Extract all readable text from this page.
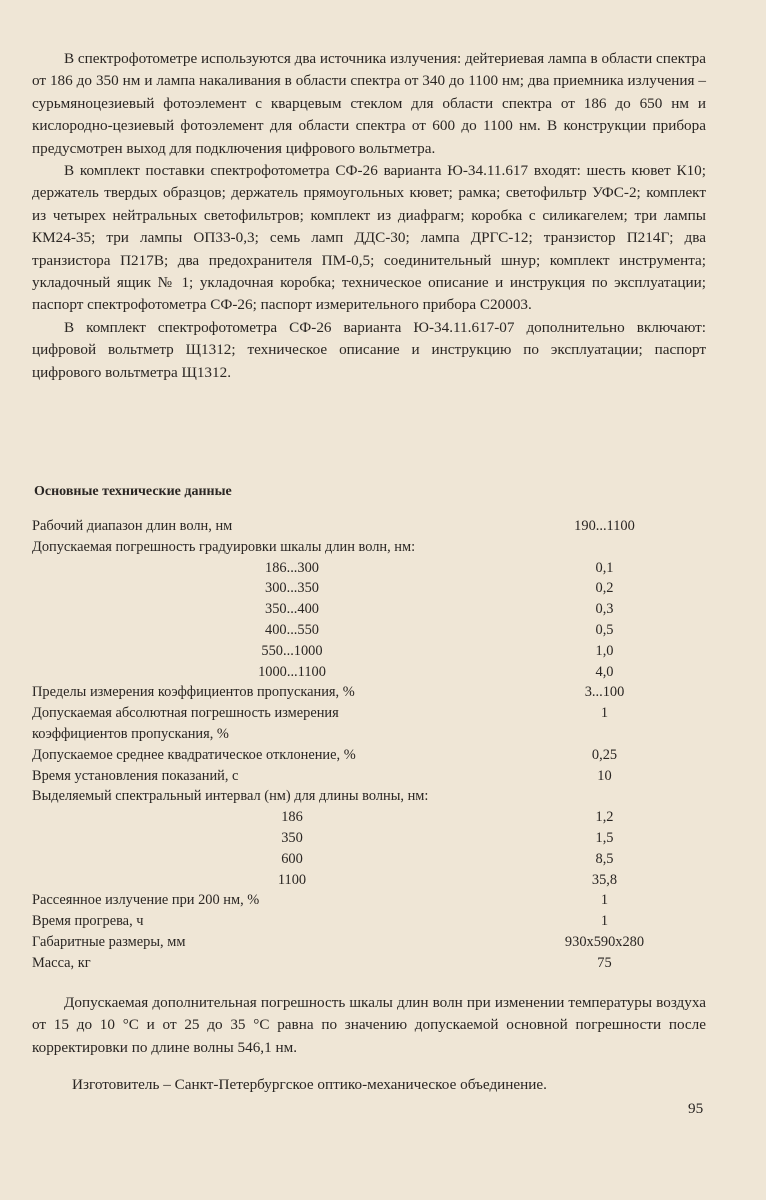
В спектрофотометре используются два источника излучения: дейтериевая лампа в области спектра от 186 до 350 нм и лампа накаливания в области спектра от 340 до 1100 нм; два приемника излучения – сурьмяноцезиевый фотоэлемент с кварцевым стеклом для области спектра от 186 до 650 нм и кислородно-цезиевый фотоэлемент для области спектра от 600 до 1100 нм. В конструкции прибора предусмотрен выход для подключения цифрового вольтметра.

В комплект поставки спектрофотометра СФ-26 варианта Ю-34.11.617 входят: шесть кювет К10; держатель твердых образцов; держатель прямоугольных кювет; рамка; светофильтр УФС-2; комплект из четырех нейтральных светофильтров; комплект из диафрагм; коробка с силикагелем; три лампы КМ24-35; три лампы ОП33-0,3; семь ламп ДДС-30; лампа ДРГС-12; транзистор П214Г; два транзистора П217В; два предохранителя ПМ-0,5; соединительный шнур; комплект инструмента; укладочный ящик № 1; укладочная коробка; техническое описание и инструкция по эксплуатации; паспорт спектрофотометра СФ-26; паспорт измерительного прибора С20003.

В комплект спектрофотометра СФ-26 варианта Ю-34.11.617-07 дополнительно включают: цифровой вольтметр Щ1312; техническое описание и инструкцию по эксплуатации; паспорт цифрового вольтметра Щ1312.

Основные технические данные
Рабочий диапазон длин волн, нм	190...1100
Допускаемая погрешность градуировки шкалы длин волн, нм:
186...300	0,1
300...350	0,2
350...400	0,3
400...550	0,5
550...1000	1,0
1000...1100	4,0
Пределы измерения коэффициентов пропускания, %	3...100
Допускаемая абсолютная погрешность измерения	1
коэффициентов пропускания, %
Допускаемое среднее квадратическое отклонение, %	0,25
Время установления показаний, с	10
Выделяемый спектральный интервал (нм) для длины волны, нм:
186	1,2
350	1,5
600	8,5
1100	35,8
Рассеянное излучение при 200 нм, %	1
Время прогрева, ч	1
Габаритные размеры, мм	930x590x280
Масса, кг	75

Допускаемая дополнительная погрешность шкалы длин волн при изменении температуры воздуха от 15 до 10 °С и от 25 до 35 °С равна по значению допускаемой основной погрешности после корректировки по длине волны 546,1 нм.

Изготовитель – Санкт-Петербургское оптико-механическое объединение.
95
